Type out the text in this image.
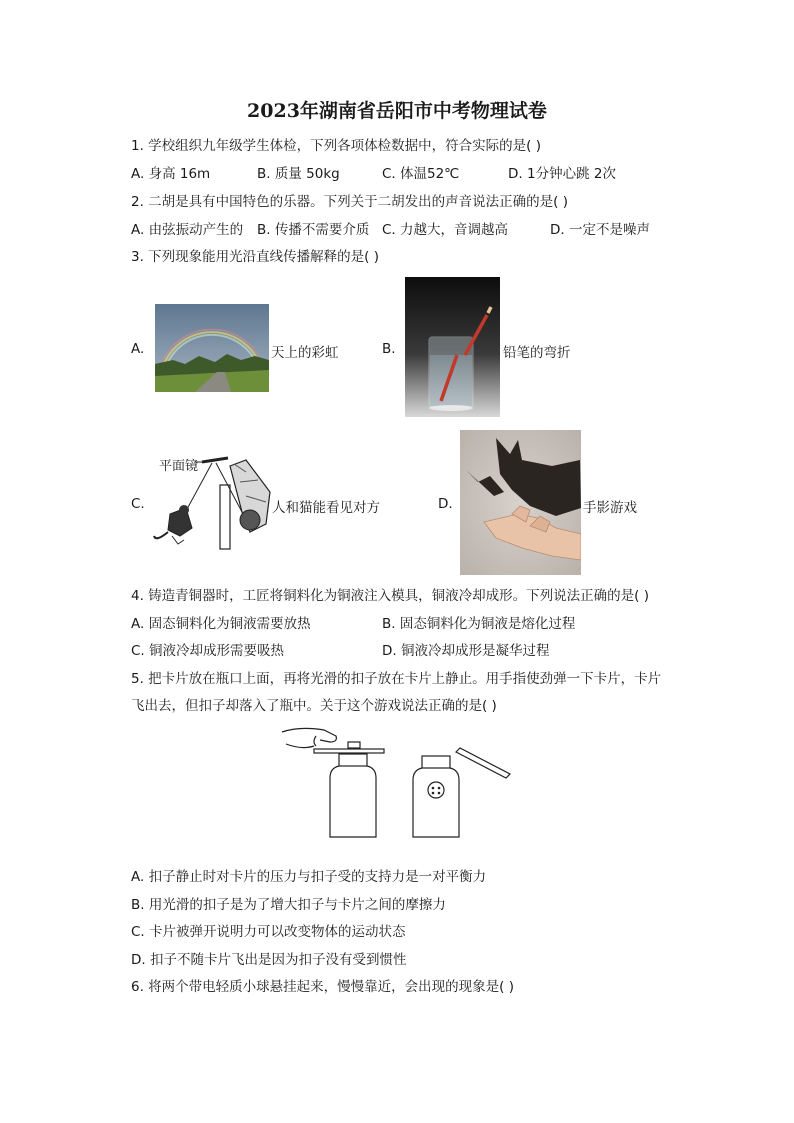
2023年湖南省岳阳市中考物理试卷
1. 学校组织九年级学生体检，下列各项体检数据中，符合实际的是( )
A. 身高 16m	B. 质量 50kg	C. 体温52℃	D. 1分钟心跳 2次
2. 二胡是具有中国特色的乐器。下列关于二胡发出的声音说法正确的是( )
A. 由弦振动产生的 B. 传播不需要介质 C. 力越大，音调越高	D. 一定不是噪声
3. 下列现象能用光沿直线传播解释的是( )
A.	天上的彩虹	B.	铅笔的弯折
C.
平面镜
人和猫能看见对方	D.	手影游戏
4. 铸造青铜器时，工匠将铜料化为铜液注入模具，铜液冷却成形。下列说法正确的是( )
A. 固态铜料化为铜液需要放热	B. 固态铜料化为铜液是熔化过程
C. 铜液冷却成形需要吸热	D. 铜液冷却成形是凝华过程
5. 把卡片放在瓶口上面，再将光滑的扣子放在卡片上静止。用手指使劲弹一下卡片，卡片
飞出去，但扣子却落入了瓶中。关于这个游戏说法正确的是( )
A. 扣子静止时对卡片的压力与扣子受的支持力是一对平衡力
B. 用光滑的扣子是为了增大扣子与卡片之间的摩擦力
C. 卡片被弹开说明力可以改变物体的运动状态
D. 扣子不随卡片飞出是因为扣子没有受到惯性
6. 将两个带电轻质小球悬挂起来，慢慢靠近，会出现的现象是( )
